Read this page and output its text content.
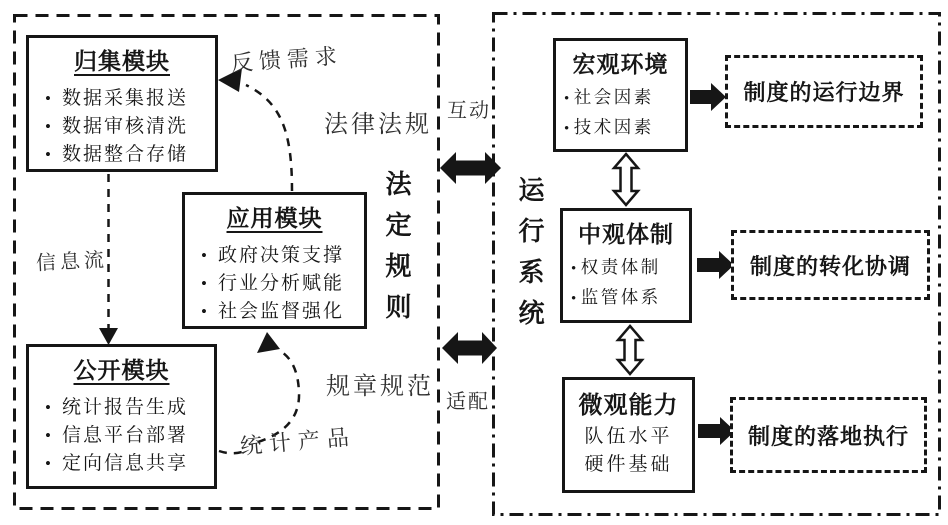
归集模块
• 数据采集报送
• 数据审核清洗
• 数据整合存储
应用模块
• 政府决策支撑
• 行业分析赋能
• 社会监督强化
公开模块
• 统计报告生成
• 信息平台部署
• 定向信息共享
宏观环境
• 社会因素
• 技术因素
中观体制
• 权责体制
• 监管体系
微观能力
队伍水平
硬件基础
制度的运行边界
制度的转化协调
制度的落地执行
法定规则	运行系统
反馈需求
法律法规
信息流
规章规范
统计产品
互动
适配
